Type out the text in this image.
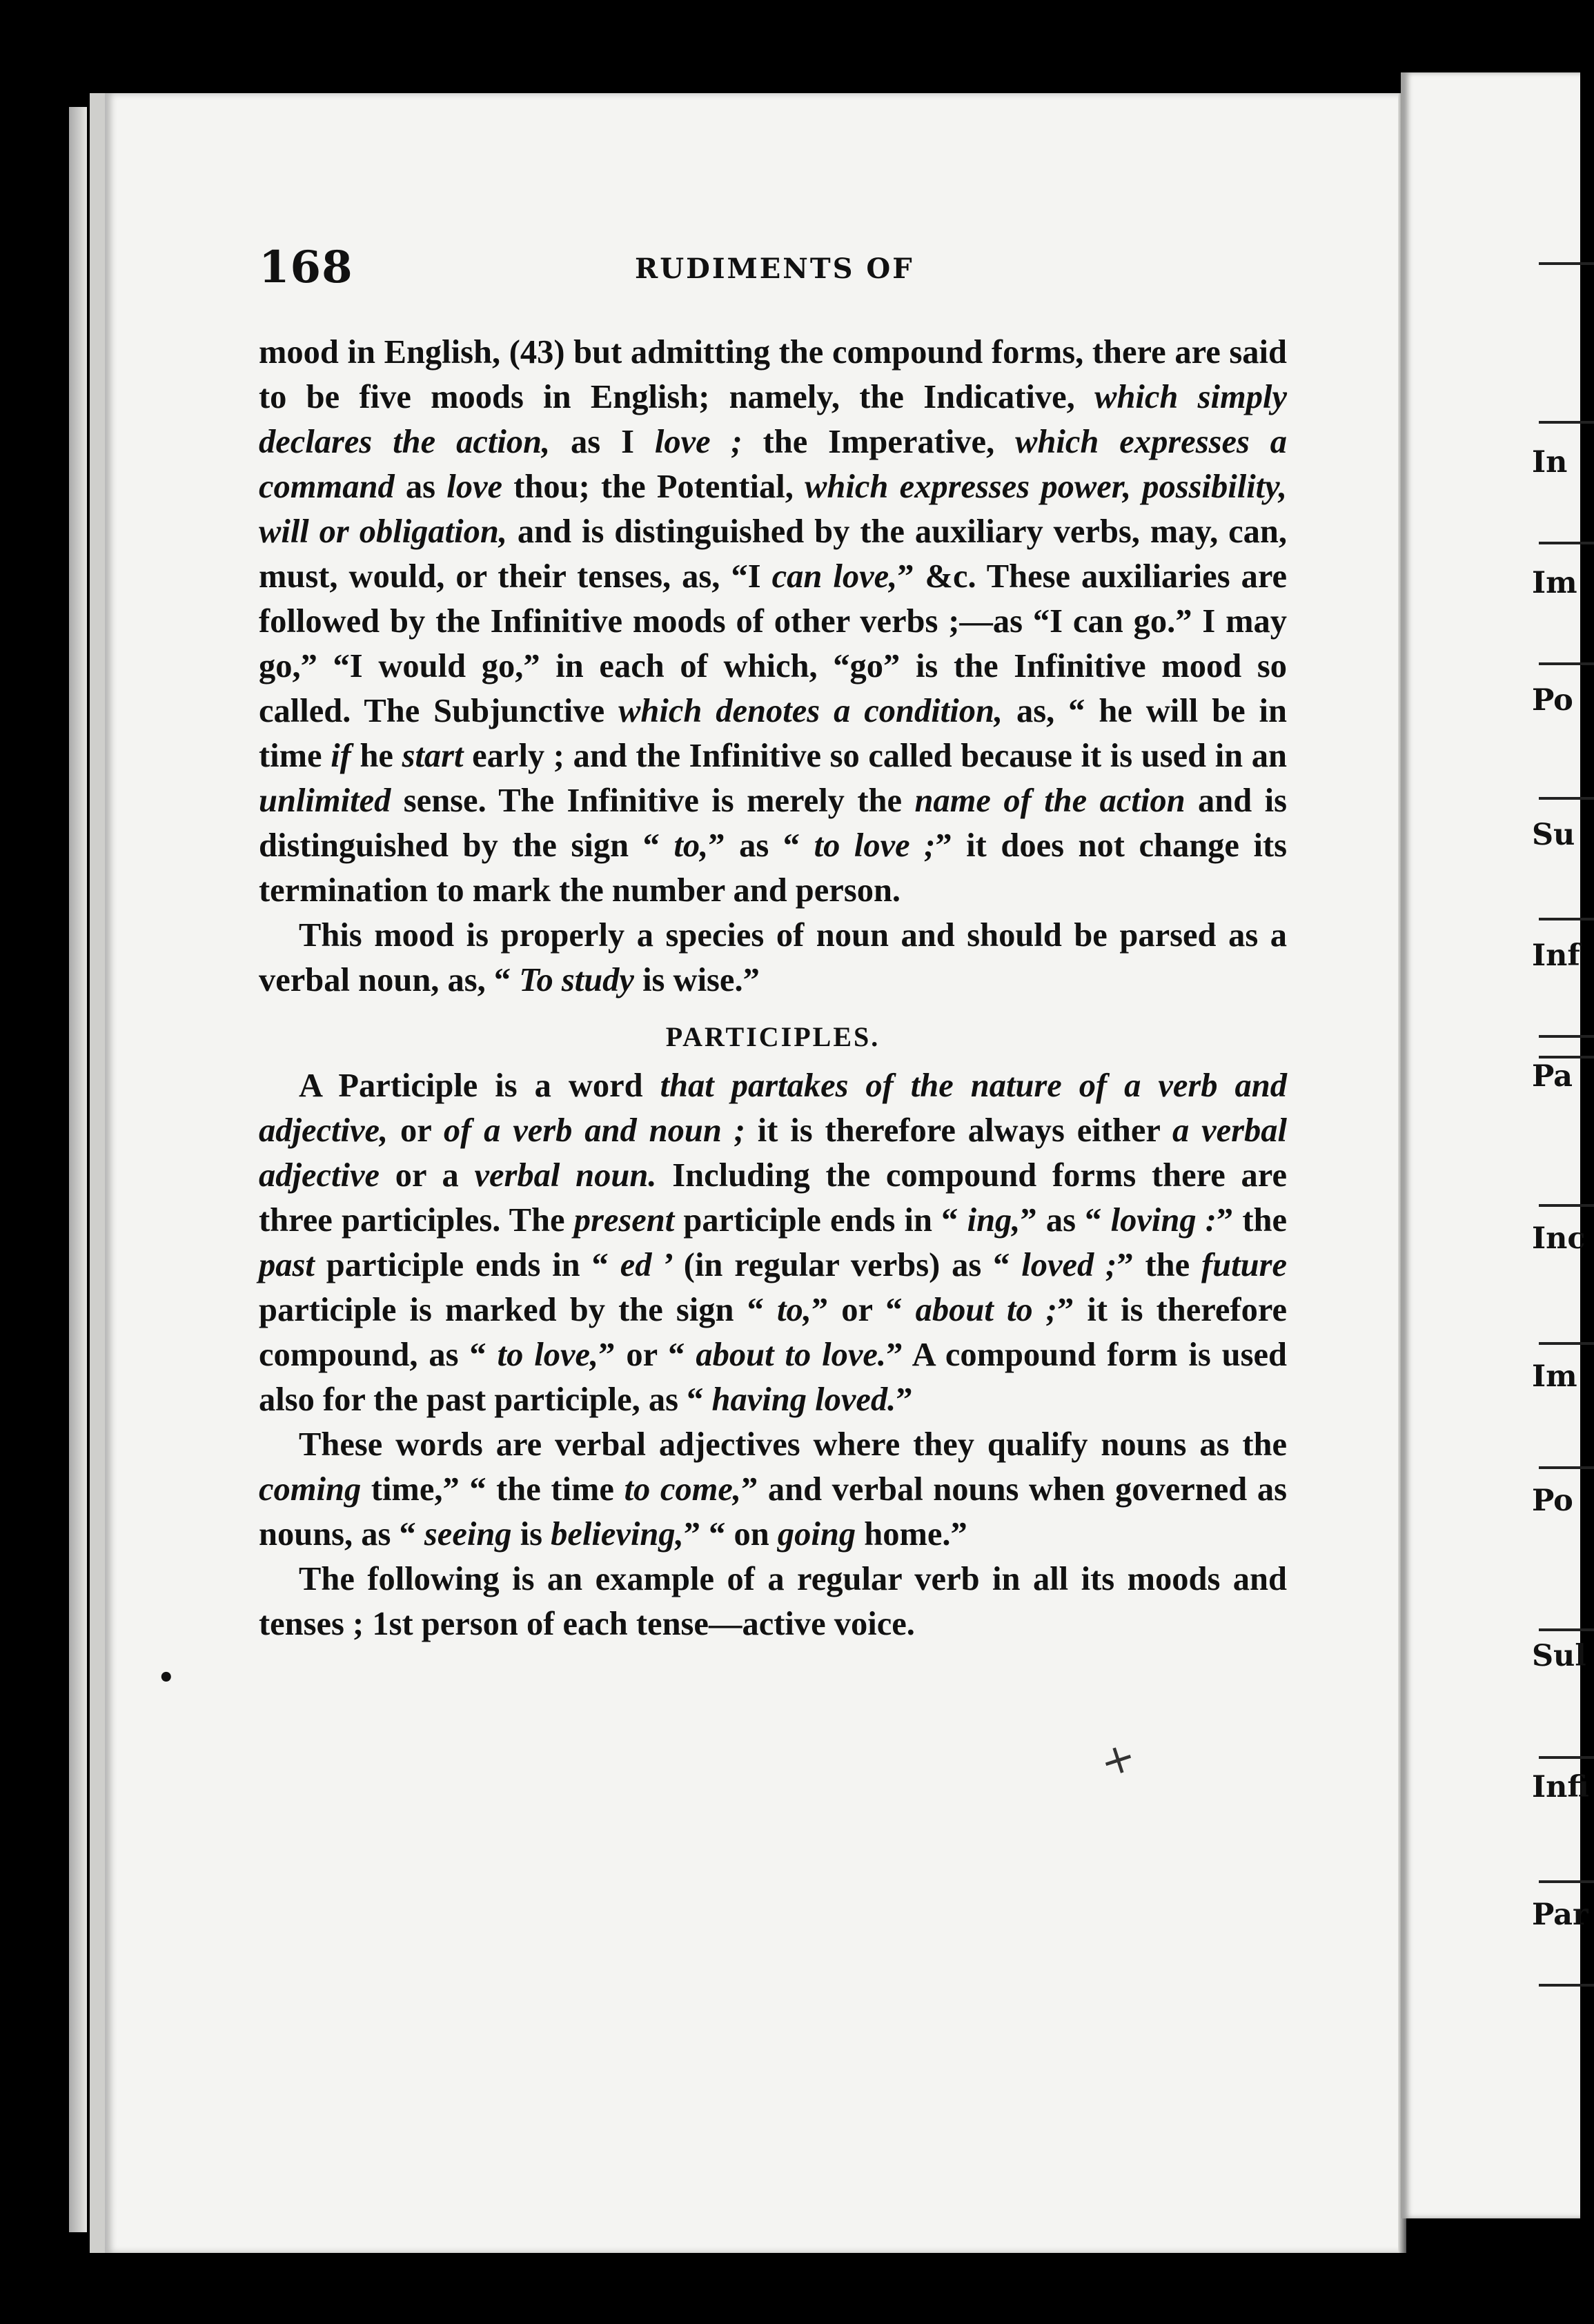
In
Im
Po
Su
Inf
Pa
Inc
Im
Po
Sul
Infi
Par
168	RUDIMENTS OF

mood in English, (43) but admitting the compound forms, there are said to be five moods in English; namely, the Indicative, which simply declares the action, as I love ; the Imperative, which expresses a command as love thou; the Potential, which expresses power, possibility, will or obligation, and is distinguished by the auxiliary verbs, may, can, must, would, or their tenses, as, “I can love,” &c. These auxiliaries are followed by the Infinitive moods of other verbs ;—as “I can go.” I may go,” “I would go,” in each of which, “go” is the Infinitive mood so called. The Subjunctive which denotes a condition, as, “ he will be in time if he start early ; and the Infinitive so called because it is used in an unlimited sense. The Infinitive is merely the name of the action and is distinguished by the sign “ to,” as “ to love ;” it does not change its termination to mark the number and person.

This mood is properly a species of noun and should be parsed as a verbal noun, as, “ To study is wise.”

PARTICIPLES.

A Participle is a word that partakes of the nature of a verb and adjective, or of a verb and noun ; it is therefore always either a verbal adjective or a verbal noun. Including the compound forms there are three participles. The present participle ends in “ ing,” as “ loving :” the past participle ends in “ ed ’ (in regular verbs) as “ loved ;” the future participle is marked by the sign “ to,” or “ about to ;” it is therefore compound, as “ to love,” or “ about to love.” A compound form is used also for the past participle, as “ having loved.”

These words are verbal adjectives where they qualify nouns as the coming time,” “ the time to come,” and verbal nouns when governed as nouns, as “ seeing is believing,” “ on going home.”

The following is an example of a regular verb in all its moods and tenses ; 1st person of each tense—active voice.

•
+
